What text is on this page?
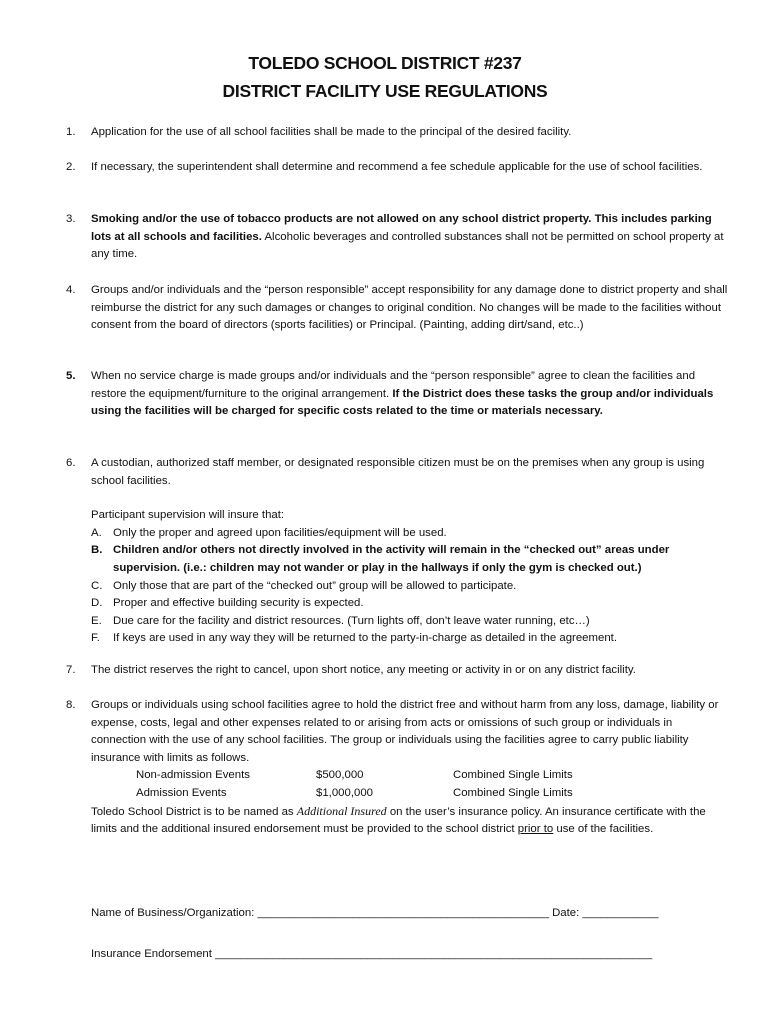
TOLEDO SCHOOL DISTRICT #237
DISTRICT FACILITY USE REGULATIONS
1. Application for the use of all school facilities shall be made to the principal of the desired facility.
2. If necessary, the superintendent shall determine and recommend a fee schedule applicable for the use of school facilities.
3. Smoking and/or the use of tobacco products are not allowed on any school district property. This includes parking lots at all schools and facilities. Alcoholic beverages and controlled substances shall not be permitted on school property at any time.
4. Groups and/or individuals and the “person responsible” accept responsibility for any damage done to district property and shall reimburse the district for any such damages or changes to original condition. No changes will be made to the facilities without consent from the board of directors (sports facilities) or Principal. (Painting, adding dirt/sand, etc..)
5. When no service charge is made groups and/or individuals and the “person responsible” agree to clean the facilities and restore the equipment/furniture to the original arrangement. If the District does these tasks the group and/or individuals using the facilities will be charged for specific costs related to the time or materials necessary.
6. A custodian, authorized staff member, or designated responsible citizen must be on the premises when any group is using school facilities.
Participant supervision will insure that:
A. Only the proper and agreed upon facilities/equipment will be used.
B. Children and/or others not directly involved in the activity will remain in the “checked out” areas under supervision. (i.e.: children may not wander or play in the hallways if only the gym is checked out.)
C. Only those that are part of the “checked out” group will be allowed to participate.
D. Proper and effective building security is expected.
E. Due care for the facility and district resources. (Turn lights off, don’t leave water running, etc…)
F. If keys are used in any way they will be returned to the party-in-charge as detailed in the agreement.
7. The district reserves the right to cancel, upon short notice, any meeting or activity in or on any district facility.
8. Groups or individuals using school facilities agree to hold the district free and without harm from any loss, damage, liability or expense, costs, legal and other expenses related to or arising from acts or omissions of such group or individuals in connection with the use of any school facilities. The group or individuals using the facilities agree to carry public liability insurance with limits as follows.
Non-admission Events	$500,000	Combined Single Limits
Admission Events	$1,000,000	Combined Single Limits
Toledo School District is to be named as Additional Insured on the user’s insurance policy. An insurance certificate with the limits and the additional insured endorsement must be provided to the school district prior to use of the facilities.
Name of Business/Organization: ______________________________________________ Date: ____________
Insurance Endorsement _____________________________________________________________________
